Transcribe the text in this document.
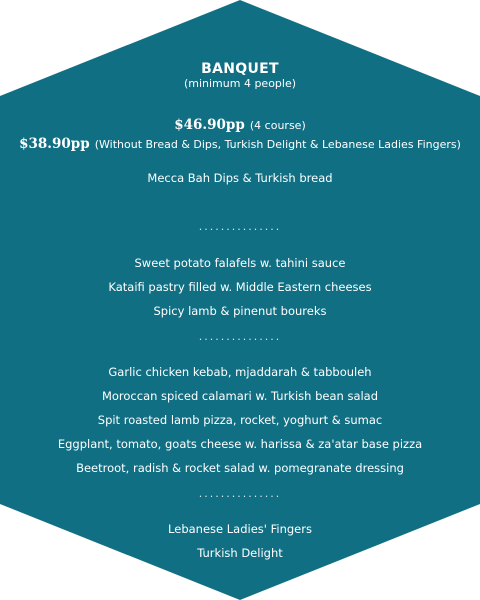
BANQUET
(minimum 4 people)
$46.90pp (4 course)
$38.90pp (Without Bread & Dips, Turkish Delight & Lebanese Ladies Fingers)
Mecca Bah Dips & Turkish bread
...............
Sweet potato falafels w. tahini sauce
Kataifi pastry filled w. Middle Eastern cheeses
Spicy lamb & pinenut boureks
...............
Garlic chicken kebab, mjaddarah & tabbouleh
Moroccan spiced calamari w. Turkish bean salad
Spit roasted lamb pizza, rocket, yoghurt & sumac
Eggplant, tomato, goats cheese w. harissa & za'atar base pizza
Beetroot, radish & rocket salad w. pomegranate dressing
...............
Lebanese Ladies' Fingers
Turkish Delight
